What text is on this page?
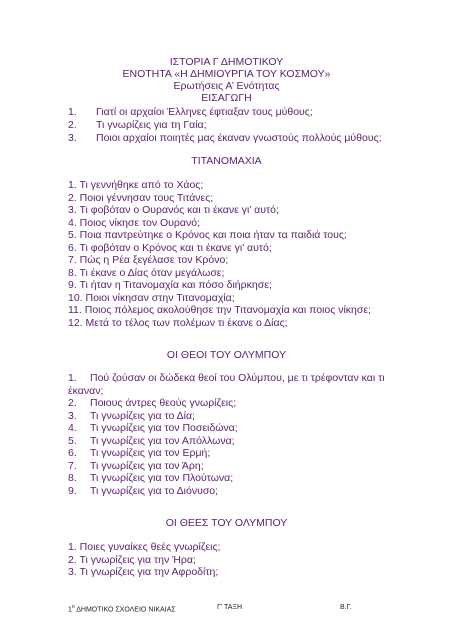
ΙΣΤΟΡΙΑ Γ ΔΗΜΟΤΙΚΟΥ
ΕΝΟΤΗΤΑ «Η ΔΗΜΙΟΥΡΓΙΑ ΤΟΥ ΚΟΣΜΟΥ»
Ερωτήσεις Α’ Ενότητας
ΕΙΣΑΓΩΓΗ
1. Γιατί οι αρχαίοι Έλληνες έφτιαξαν τους μύθους;
2. Τι γνωρίζεις για τη Γαία;
3. Ποιοι αρχαίοι ποιητές μας έκαναν γνωστούς πολλούς μύθους;
ΤΙΤΑΝΟΜΑΧΙΑ
1. Τι γεννήθηκε από το Χάος;
2. Ποιοι γέννησαν τους Τιτάνες;
3. Τι φοβόταν ο Ουρανός και τι έκανε γι’ αυτό;
4. Ποιος νίκησε τον Ουρανό;
5. Ποια παντρεύτηκε ο Κρόνος και ποια ήταν τα παιδιά τους;
6. Τι φοβόταν ο Κρόνος και τι έκανε γι’ αυτό;
7. Πώς η Ρέα ξεγέλασε τον Κρόνο;
8. Τι έκανε ο Δίας όταν μεγάλωσε;
9. Τι ήταν η Τιτανομαχία και πόσο διήρκησε;
10. Ποιοι νίκησαν στην Τιτανομαχία;
11. Ποιος πόλεμος ακολούθησε την Τιτανομαχία και ποιος νίκησε;
12. Μετά το τέλος των πολέμων τι έκανε ο Δίας;
ΟΙ ΘΕΟΙ ΤΟΥ ΟΛΥΜΠΟΥ
1. Πού ζούσαν οι δώδεκα θεοί του Ολύμπου, με τι τρέφονταν και τι
έκαναν;
2. Ποιους άντρες θεούς γνωρίζεις;
3. Τι γνωρίζεις για το Δία;
4. Τι γνωρίζεις για τον Ποσειδώνα;
5. Τι γνωρίζεις για τον Απόλλωνα;
6. Τι γνωρίζεις για τον Ερμή;
7. Τι γνωρίζεις για τον Άρη;
8. Τι γνωρίζεις για τον Πλούτωνα;
9. Τι γνωρίζεις για το Διόνυσο;
ΟΙ ΘΕΕΣ ΤΟΥ ΟΛΥΜΠΟΥ
1. Ποιες γυναίκες θεές γνωρίζεις;
2. Τι γνωρίζεις για την Ήρα;
3. Τι γνωρίζεις για την Αφροδίτη;
$1^o$ ΔΗΜΟΤΙΚΟ ΣΧΟΛΕΙΟ ΝΙΚΑΙΑΣ	Γ’ ΤΑΞΗ	Β.Γ.
